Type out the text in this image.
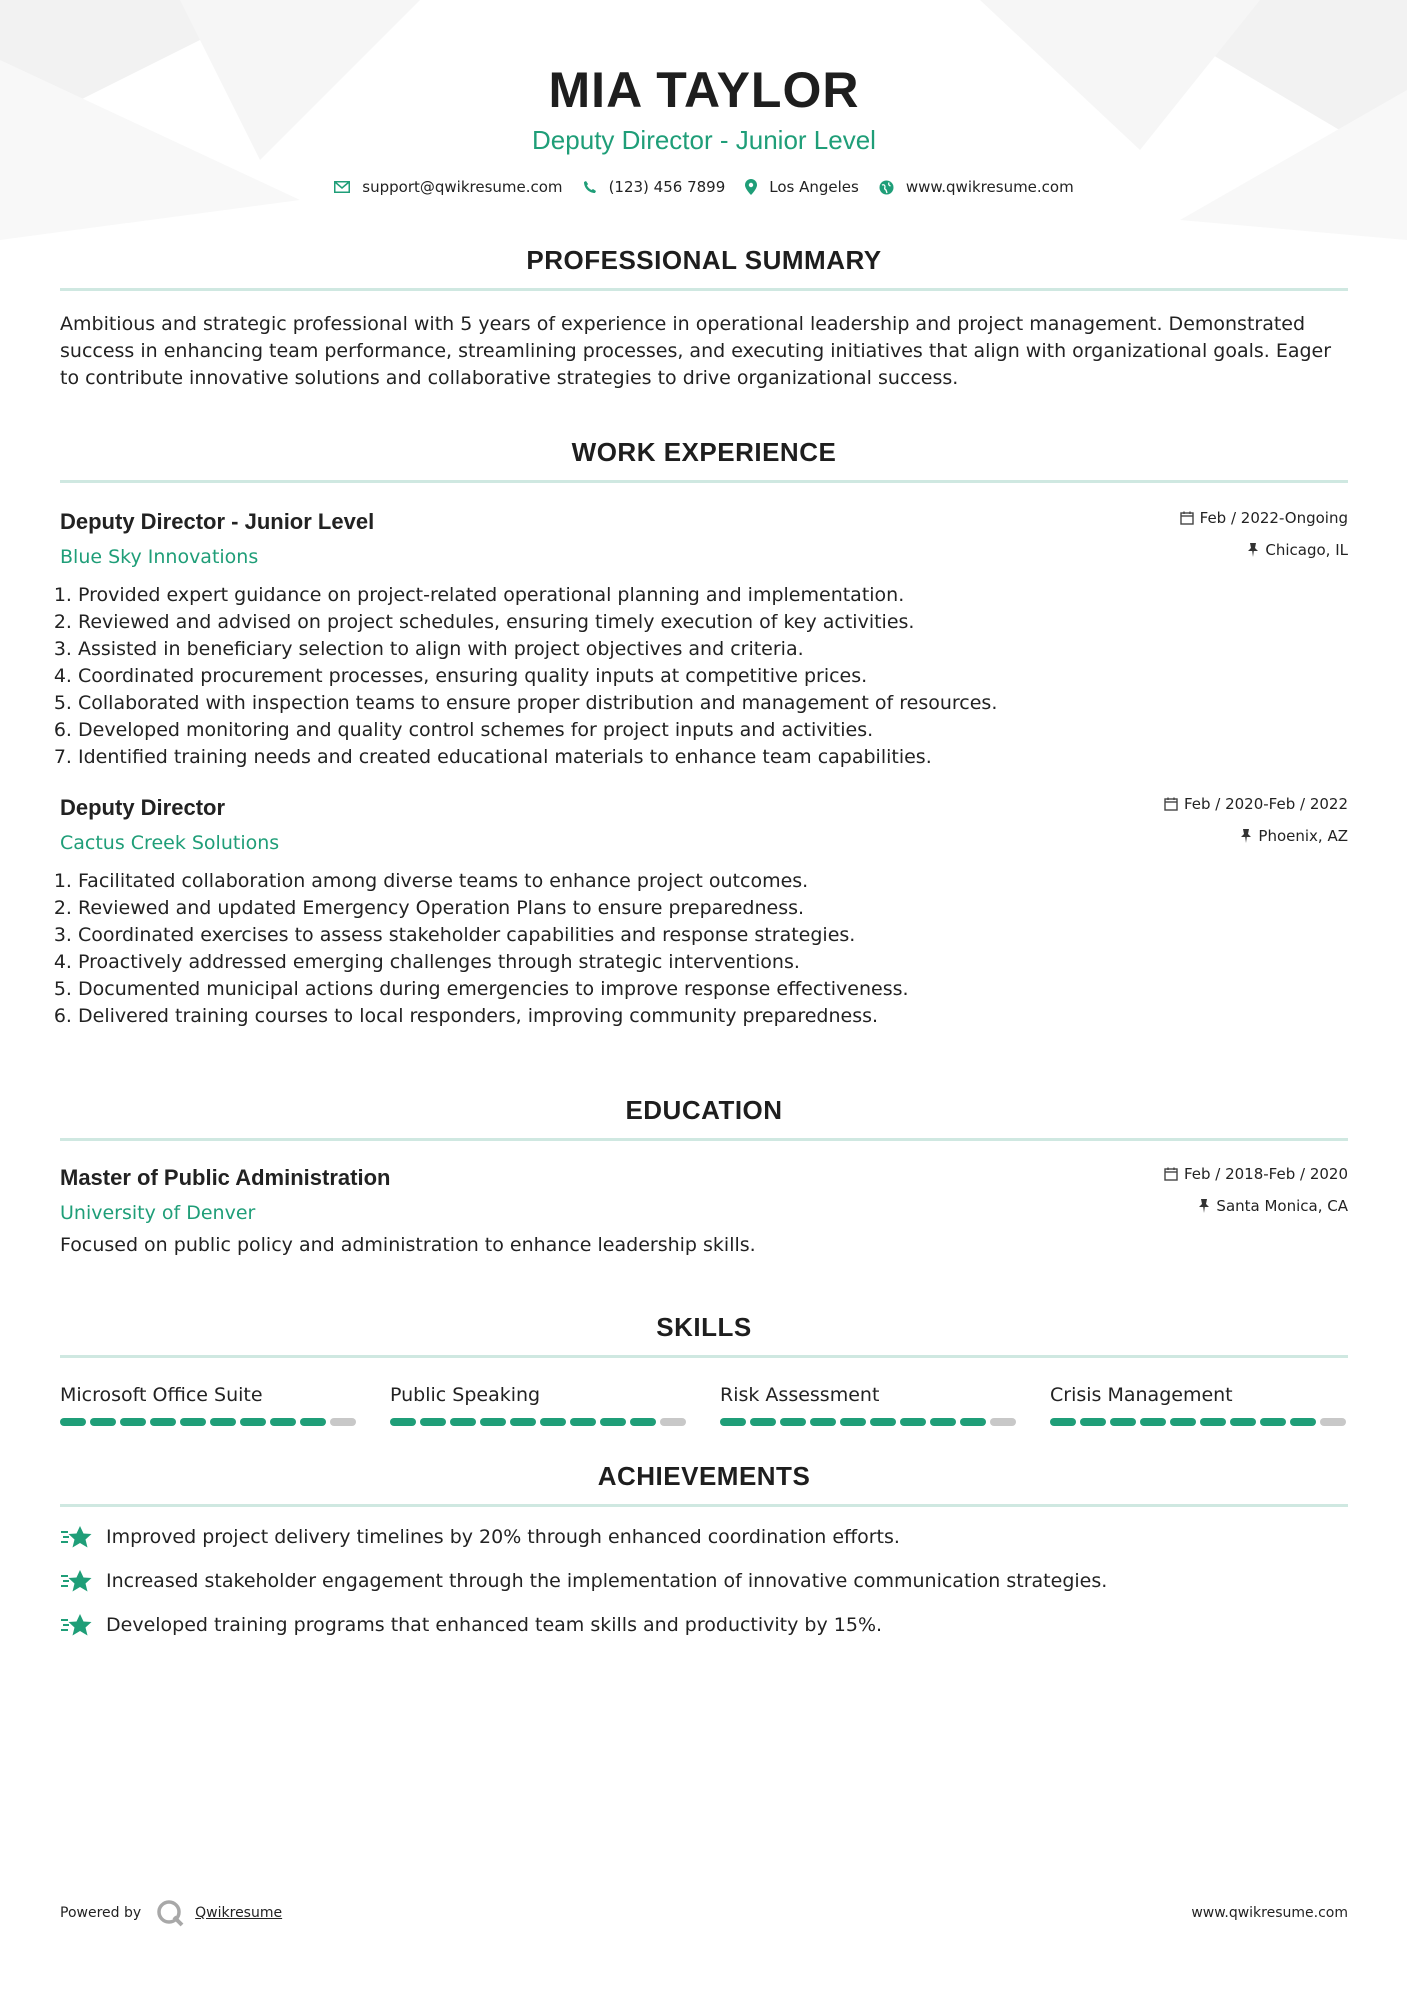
MIA TAYLOR
Deputy Director - Junior Level
support@qwikresume.com	(123) 456 7899	Los Angeles	www.qwikresume.com
PROFESSIONAL SUMMARY
Ambitious and strategic professional with 5 years of experience in operational leadership and project management. Demonstrated success in enhancing team performance, streamlining processes, and executing initiatives that align with organizational goals. Eager to contribute innovative solutions and collaborative strategies to drive organizational success.
WORK EXPERIENCE
Deputy Director - Junior Level
Blue Sky Innovations
Feb / 2022-Ongoing
Chicago, IL
1. Provided expert guidance on project-related operational planning and implementation.
2. Reviewed and advised on project schedules, ensuring timely execution of key activities.
3. Assisted in beneficiary selection to align with project objectives and criteria.
4. Coordinated procurement processes, ensuring quality inputs at competitive prices.
5. Collaborated with inspection teams to ensure proper distribution and management of resources.
6. Developed monitoring and quality control schemes for project inputs and activities.
7. Identified training needs and created educational materials to enhance team capabilities.
Deputy Director
Cactus Creek Solutions
Feb / 2020-Feb / 2022
Phoenix, AZ
1. Facilitated collaboration among diverse teams to enhance project outcomes.
2. Reviewed and updated Emergency Operation Plans to ensure preparedness.
3. Coordinated exercises to assess stakeholder capabilities and response strategies.
4. Proactively addressed emerging challenges through strategic interventions.
5. Documented municipal actions during emergencies to improve response effectiveness.
6. Delivered training courses to local responders, improving community preparedness.
EDUCATION
Master of Public Administration
University of Denver
Feb / 2018-Feb / 2020
Santa Monica, CA
Focused on public policy and administration to enhance leadership skills.
SKILLS
Microsoft Office Suite	Public Speaking	Risk Assessment	Crisis Management
ACHIEVEMENTS
Improved project delivery timelines by 20% through enhanced coordination efforts.
Increased stakeholder engagement through the implementation of innovative communication strategies.
Developed training programs that enhanced team skills and productivity by 15%.
Powered by	Qwikresume	www.qwikresume.com
